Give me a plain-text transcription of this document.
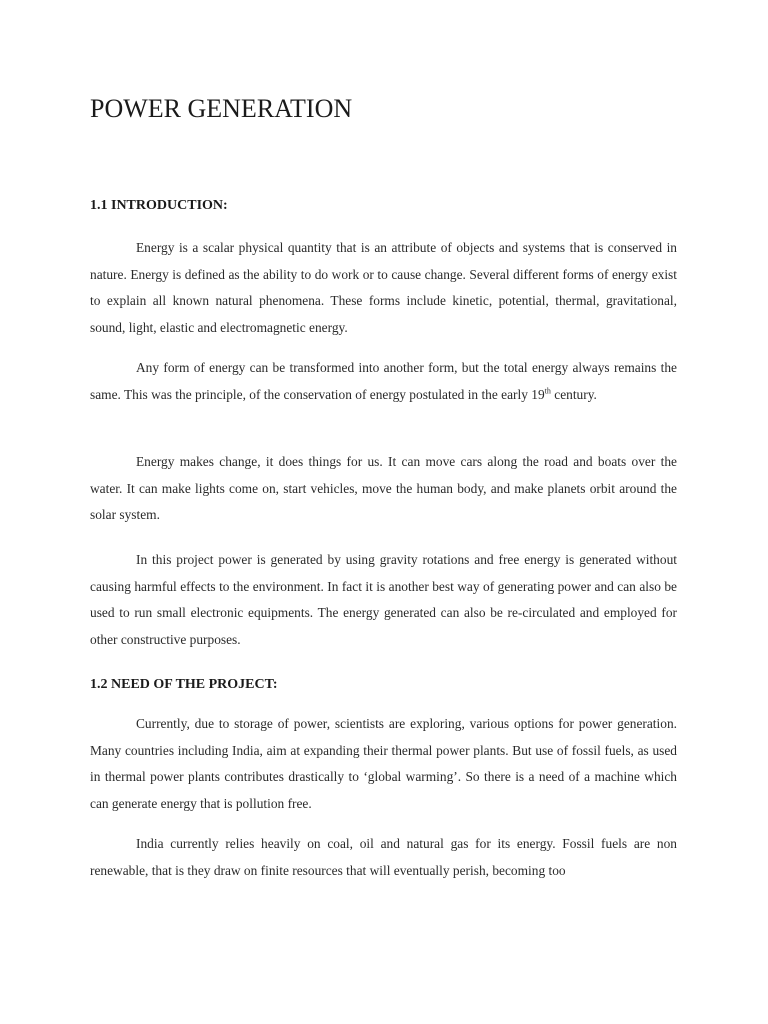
POWER GENERATION
1.1 INTRODUCTION:

Energy is a scalar physical quantity that is an attribute of objects and systems that is conserved in nature. Energy is defined as the ability to do work or to cause change. Several different forms of energy exist to explain all known natural phenomena. These forms include kinetic, potential, thermal, gravitational, sound, light, elastic and electromagnetic energy.

Any form of energy can be transformed into another form, but the total energy always remains the same. This was the principle, of the conservation of energy postulated in the early 19th century.

Energy makes change, it does things for us. It can move cars along the road and boats over the water. It can make lights come on, start vehicles, move the human body, and make planets orbit around the solar system.

In this project power is generated by using gravity rotations and free energy is generated without causing harmful effects to the environment. In fact it is another best way of generating power and can also be used to run small electronic equipments. The energy generated can also be re-circulated and employed for other constructive purposes.

1.2 NEED OF THE PROJECT:

Currently, due to storage of power, scientists are exploring, various options for power generation. Many countries including India, aim at expanding their thermal power plants. But use of fossil fuels, as used in thermal power plants contributes drastically to ‘global warming’. So there is a need of a machine which can generate energy that is pollution free.

India currently relies heavily on coal, oil and natural gas for its energy. Fossil fuels are non renewable, that is they draw on finite resources that will eventually perish, becoming too
